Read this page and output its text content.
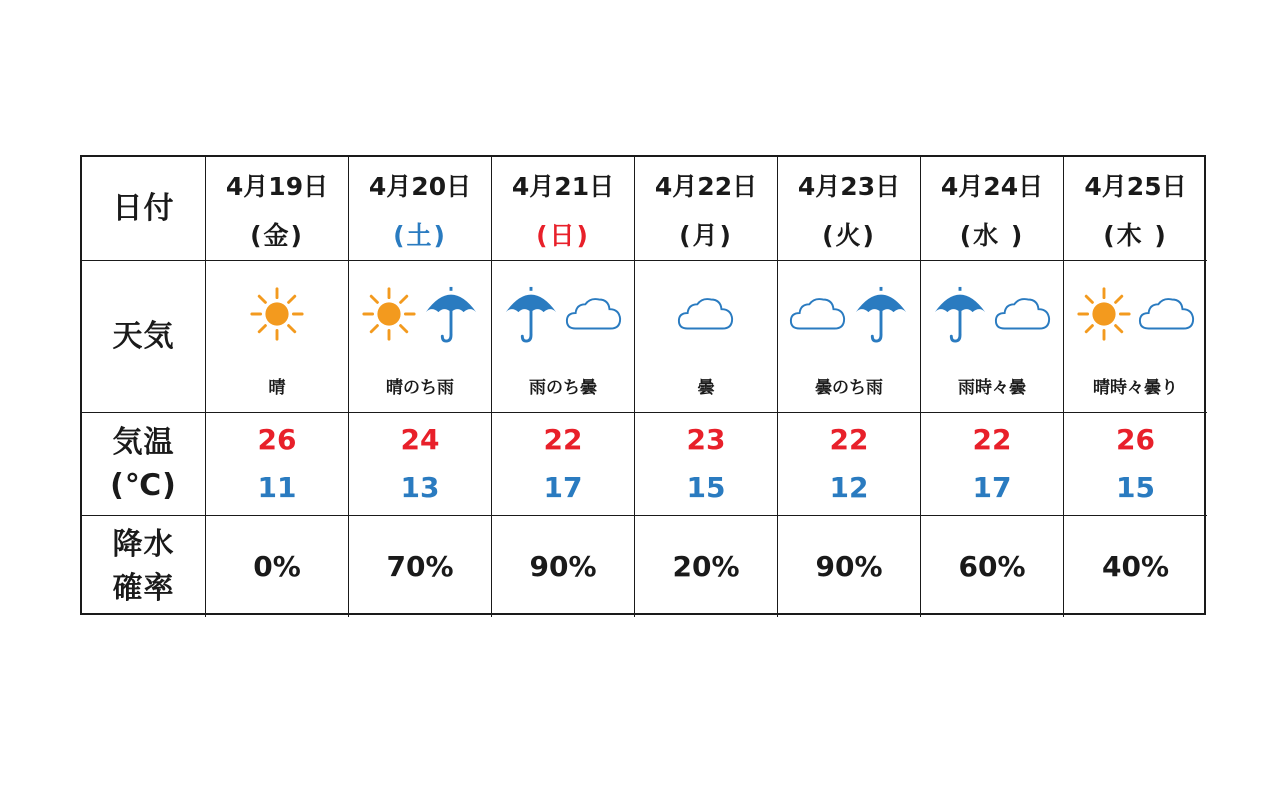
日付
天気
気温
(℃)
降水
確率
4月19日
(金)
晴
26
11
0%
4月20日
(土)
晴のち雨
24
13
70%
4月21日
(日)
雨のち曇
22
17
90%
4月22日
(月)
曇
23
15
20%
4月23日
(火)
曇のち雨
22
12
90%
4月24日
(水 )
雨時々曇
22
17
60%
4月25日
(木 )
晴時々曇り
26
15
40%
